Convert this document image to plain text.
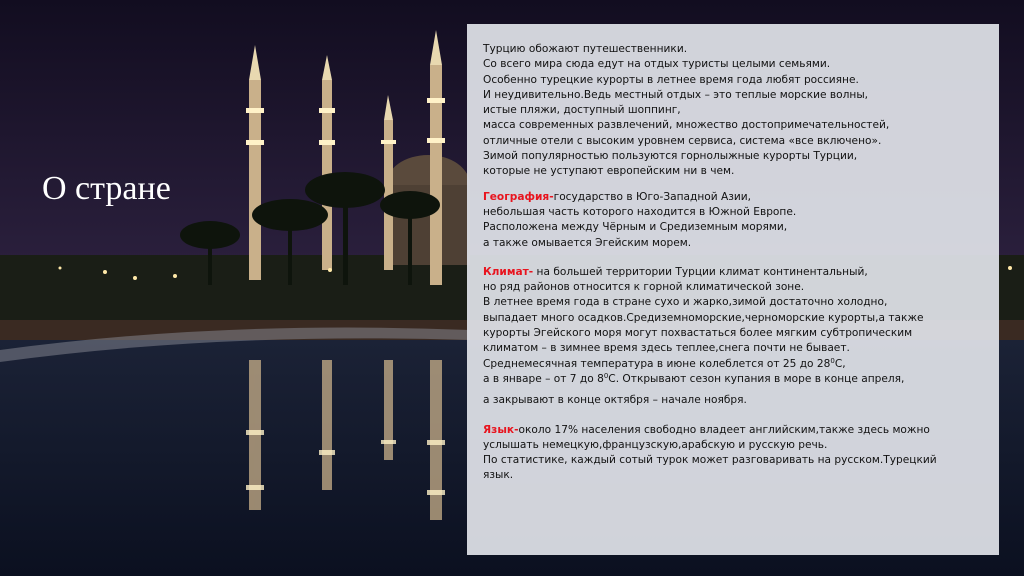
О стране

Турцию обожают путешественники.
Со всего мира сюда едут на отдых туристы целыми семьями.
Особенно турецкие курорты в летнее время года любят россияне.
И неудивительно.Ведь местный отдых – это теплые морские волны,
истые пляжи, доступный шоппинг,
масса современных развлечений, множество достопримечательностей,
отличные отели с высоким уровнем сервиса, система «все включено».
Зимой популярностью пользуются горнолыжные курорты Турции,
которые не уступают европейским ни в чем.

География-государство в Юго-Западной Азии,
небольшая часть которого находится в Южной Европе.
Расположена между Чёрным и Средиземным морями,
а также омывается Эгейским морем.

Климат- на большей территории Турции климат континентальный,
но ряд районов относится к горной климатической зоне.
В летнее время года в стране сухо и жарко,зимой достаточно холодно,
выпадает много осадков.Средиземноморские,черноморские курорты,а также
курорты Эгейского моря могут похвастаться более мягким субтропическим
климатом – в зимнее время здесь теплее,снега почти не бывает.
Среднемесячная температура в июне колеблется от 25 до $28^0С$,
а в январе – от 7 до $8^0С$. Открывают сезон купания в море в конце апреля,
а закрывают в конце октября – начале ноября.

Язык-около 17% населения свободно владеет английским,также здесь можно
услышать немецкую,французскую,арабскую и русскую речь.
По статистике, каждый сотый турок может разговаривать на русском.Турецкий
язык.
